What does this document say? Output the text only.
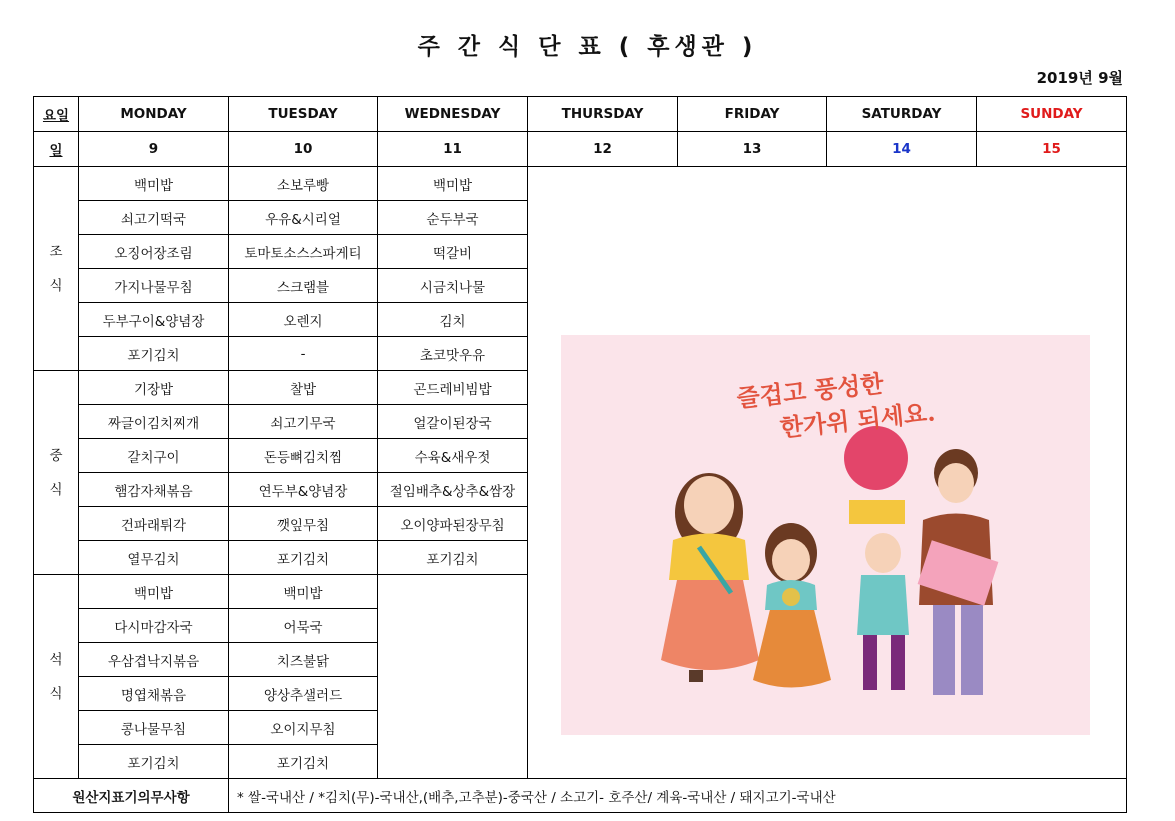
주 간 식 단 표 ( 후생관 )
2019년 9월
요일	MONDAY	TUESDAY	WEDNESDAY	THURSDAY	FRIDAY	SATURDAY	SUNDAY
일	9	10	11	12	13	14	15
조
식	백미밥	소보루빵	백미밥				
	쇠고기떡국	우유&시리얼	순두부국				
	오징어장조림	토마토소스스파게티	떡갈비				
	가지나물무침	스크램블	시금치나물				
	두부구이&양념장	오렌지	김치				
	포기김치	-	초코맛우유				
중
식	기장밥	찰밥	곤드레비빔밥				
	짜글이김치찌개	쇠고기무국	얼갈이된장국				
	갈치구이	돈등뼈김치찜	수육&새우젓				
	햄감자채볶음	연두부&양념장	절임배추&상추&쌈장				
	건파래튀각	깻잎무침	오이양파된장무침				
	열무김치	포기김치	포기김치				
석
식	백미밥	백미밥					
	다시마감자국	어묵국					
	우삼겹낙지볶음	치즈불닭					
	명엽채볶음	양상추샐러드					
	콩나물무침	오이지무침					
	포기김치	포기김치					
원산지표기의무사항		* 쌀-국내산 / *김치(무)-국내산,(배추,고추분)-중국산 / 소고기- 호주산/ 계육-국내산 / 돼지고기-국내산					
즐겁고 풍성한
한가위 되세요.
